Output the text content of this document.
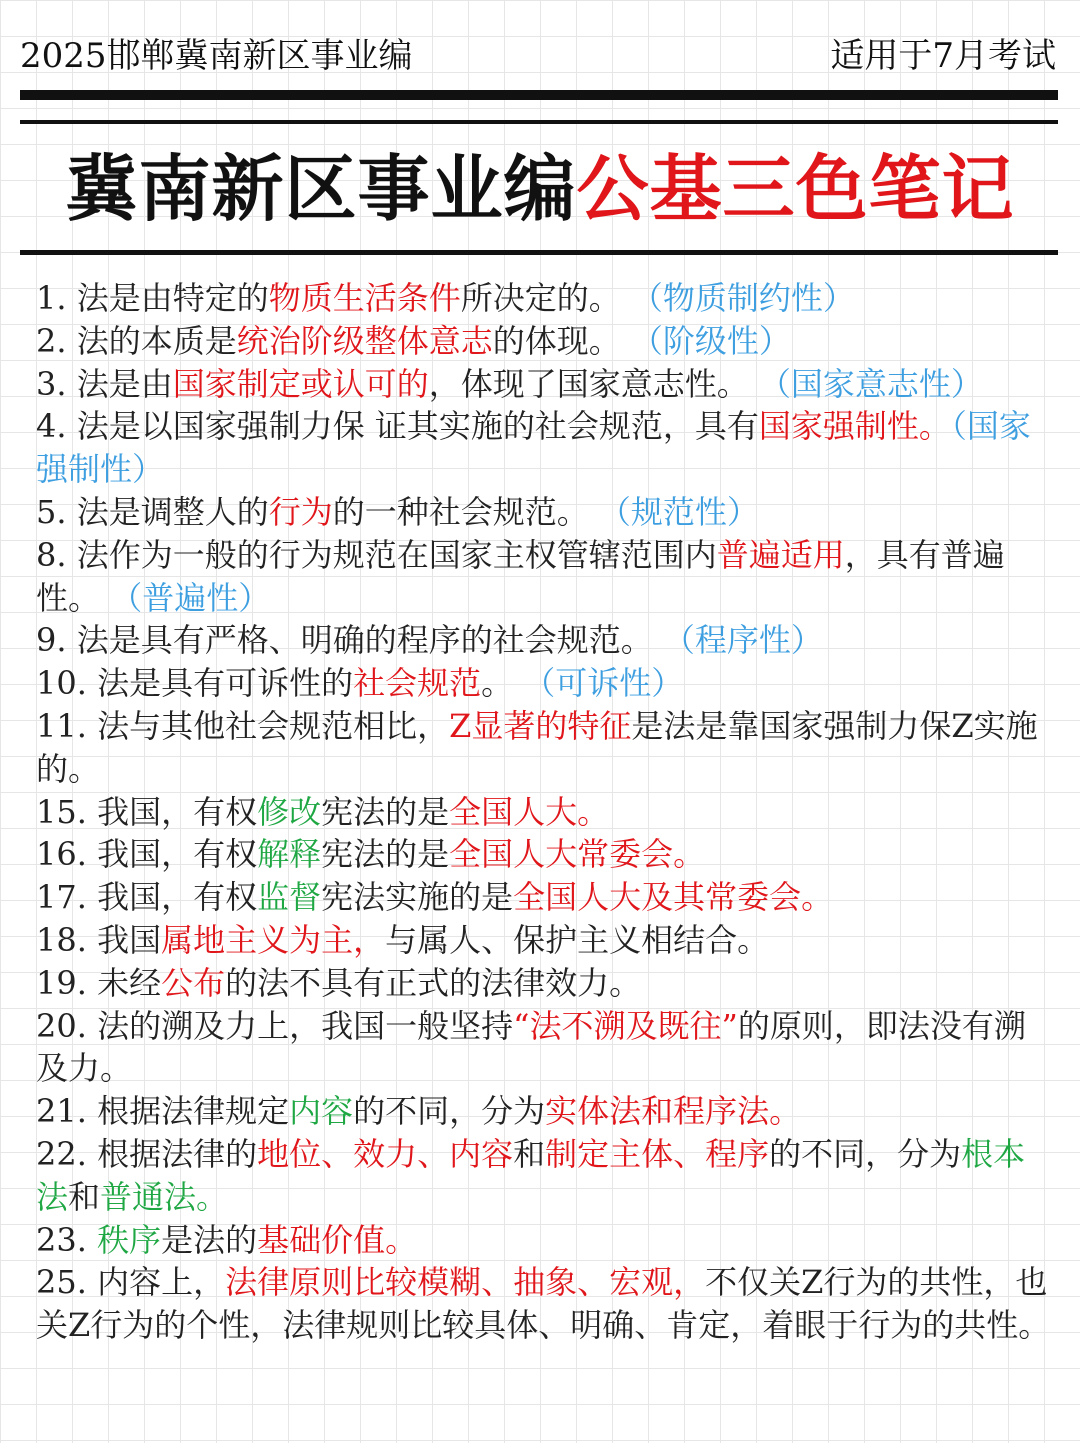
2025邯郸冀南新区事业编	适用于7月考试
冀南新区事业编公基三色笔记
1. 法是由特定的物质生活条件所决定的。 （物质制约性）
2. 法的本质是统治阶级整体意志的体现。 （阶级性）
3. 法是由国家制定或认可的，体现了国家意志性。 （国家意志性）
4. 法是以国家强制力保 证其实施的社会规范，具有国家强制性。（国家强制性）
5. 法是调整人的行为的一种社会规范。 （规范性）
8. 法作为一般的行为规范在国家主权管辖范围内普遍适用，具有普遍性。 （普遍性）
9. 法是具有严格、明确的程序的社会规范。 （程序性）
10. 法是具有可诉性的社会规范。 （可诉性）
11. 法与其他社会规范相比，Z显著的特征是法是靠国家强制力保Z实施的。
15. 我国，有权修改宪法的是全国人大。
16. 我国，有权解释宪法的是全国人大常委会。
17. 我国，有权监督宪法实施的是全国人大及其常委会。
18. 我国属地主义为主，与属人、保护主义相结合。
19. 未经公布的法不具有正式的法律效力。
20. 法的溯及力上，我国一般坚持“法不溯及既往”的原则，即法没有溯及力。
21. 根据法律规定内容的不同，分为实体法和程序法。
22. 根据法律的地位、效力、内容和制定主体、程序的不同，分为根本法和普通法。
23. 秩序是法的基础价值。
25. 内容上，法律原则比较模糊、抽象、宏观，不仅关Z行为的共性，也关Z行为的个性，法律规则比较具体、明确、肯定，着眼于行为的共性。
